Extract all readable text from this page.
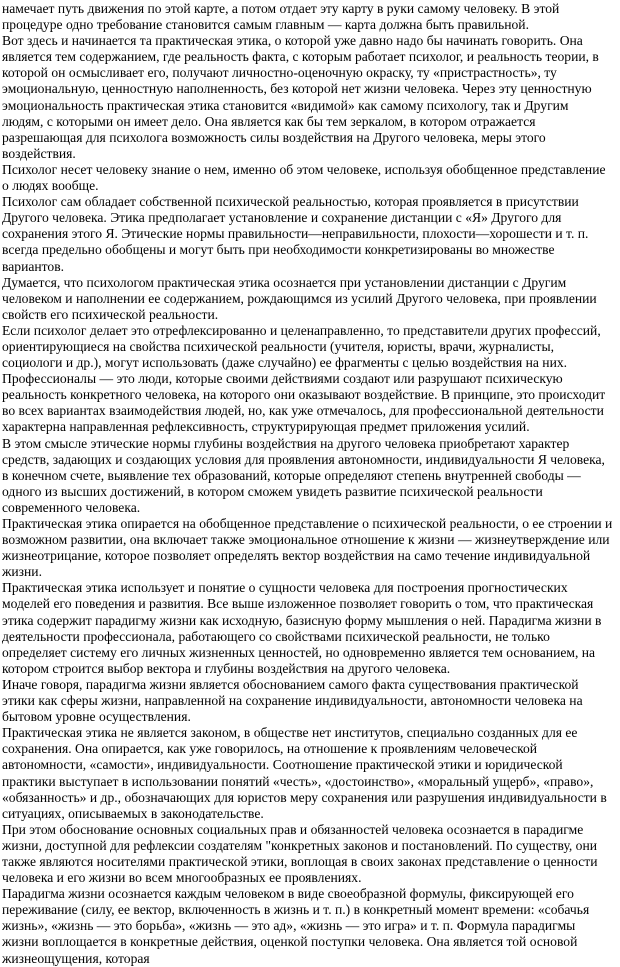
намечает путь движения по этой карте, а потом отдает эту карту в руки самому человеку. В этой процедуре одно требование становится самым главным — карта должна быть правильной.

Вот здесь и начинается та практическая этика, о которой уже давно надо бы начинать говорить. Она является тем содержанием, где реальность факта, с которым работает психолог, и реальность теории, в которой он осмысливает его, получают личностно-оценочную окраску, ту «пристрастность», ту эмоциональную, ценностную наполненность, без которой нет жизни человека. Через эту ценностную эмоциональность практическая этика становится «видимой» как самому психологу, так и Другим людям, с которыми он имеет дело. Она является как бы тем зеркалом, в котором отражается разрешающая для психолога возможность силы воздействия на Другого человека, меры этого воздействия.

Психолог несет человеку знание о нем, именно об этом человеке, используя обобщенное представление о людях вообще.

Психолог сам обладает собственной психической реальностью, которая проявляется в присутствии Другого человека. Этика предполагает установление и сохранение дистанции с «Я» Другого для сохранения этого Я. Этические нормы правильности—неправильности, плохости—хорошести и т. п. всегда предельно обобщены и могут быть при необходимости конкретизированы во множестве вариантов.

Думается, что психологом практическая этика осознается при установлении дистанции с Другим человеком и наполнении ее содержанием, рождающимся из усилий Другого человека, при проявлении свойств его психической реальности.

Если психолог делает это отрефлексированно и целенаправленно, то представители других профессий, ориентирующиеся на свойства психической реальности (учителя, юристы, врачи, журналисты, социологи и др.), могут использовать (даже случайно) ее фрагменты с целью воздействия на них. Профессионалы — это люди, которые своими действиями создают или разрушают психическую реальность конкретного человека, на которого они оказывают воздействие. В принципе, это происходит во всех вариантах взаимодействия людей, но, как уже отмечалось, для профессиональной деятельности характерна направленная рефлексивность, структурирующая предмет приложения усилий.

В этом смысле этические нормы глубины воздействия на другого человека приобретают характер средств, задающих и создающих условия для проявления автономности, индивидуальности Я человека, в конечном счете, выявление тех образований, которые определяют степень внутренней свободы — одного из высших достижений, в котором сможем увидеть развитие психической реальности современного человека.

Практическая этика опирается на обобщенное представление о психической реальности, о ее строении и возможном развитии, она включает также эмоциональное отношение к жизни — жизнеутверждение или жизнеотрицание, которое позволяет определять вектор воздействия на само течение индивидуальной жизни.

Практическая этика использует и понятие о сущности человека для построения прогностических моделей его поведения и развития. Все выше изложенное позволяет говорить о том, что практическая этика содержит парадигму жизни как исходную, базисную форму мышления о ней. Парадигма жизни в деятельности профессионала, работающего со свойствами психической реальности, не только определяет систему его личных жизненных ценностей, но одновременно является тем основанием, на котором строится выбор вектора и глубины воздействия на другого человека.

Иначе говоря, парадигма жизни является обоснованием самого факта существования практической этики как сферы жизни, направленной на сохранение индивидуальности, автономности человека на бытовом уровне осуществления.

Практическая этика не является законом, в обществе нет институтов, специально созданных для ее сохранения. Она опирается, как уже говорилось, на отношение к проявлениям человеческой автономности, «самости», индивидуальности. Соотношение практической этики и юридической практики выступает в использовании понятий «честь», «достоинство», «моральный ущерб», «право», «обязанность» и др., обозначающих для юристов меру сохранения или разрушения индивидуальности в ситуациях, описываемых в законодательстве.

При этом обоснование основных социальных прав и обязанностей человека осознается в парадигме жизни, доступной для рефлексии создателям "конкретных законов и постановлений. По существу, они также являются носителями практической этики, воплощая в своих законах представление о ценности человека и его жизни во всем многообразных ее проявлениях.

Парадигма жизни осознается каждым человеком в виде своеобразной формулы, фиксирующей его переживание (силу, ее вектор, включенность в жизнь и т. п.) в конкретный момент времени: «собачья жизнь», «жизнь — это борьба», «жизнь — это ад», «жизнь — это игра» и т. п. Формула парадигмы жизни воплощается в конкретные действия, оценкой поступки человека. Она является той основой жизнеощущения, которая
